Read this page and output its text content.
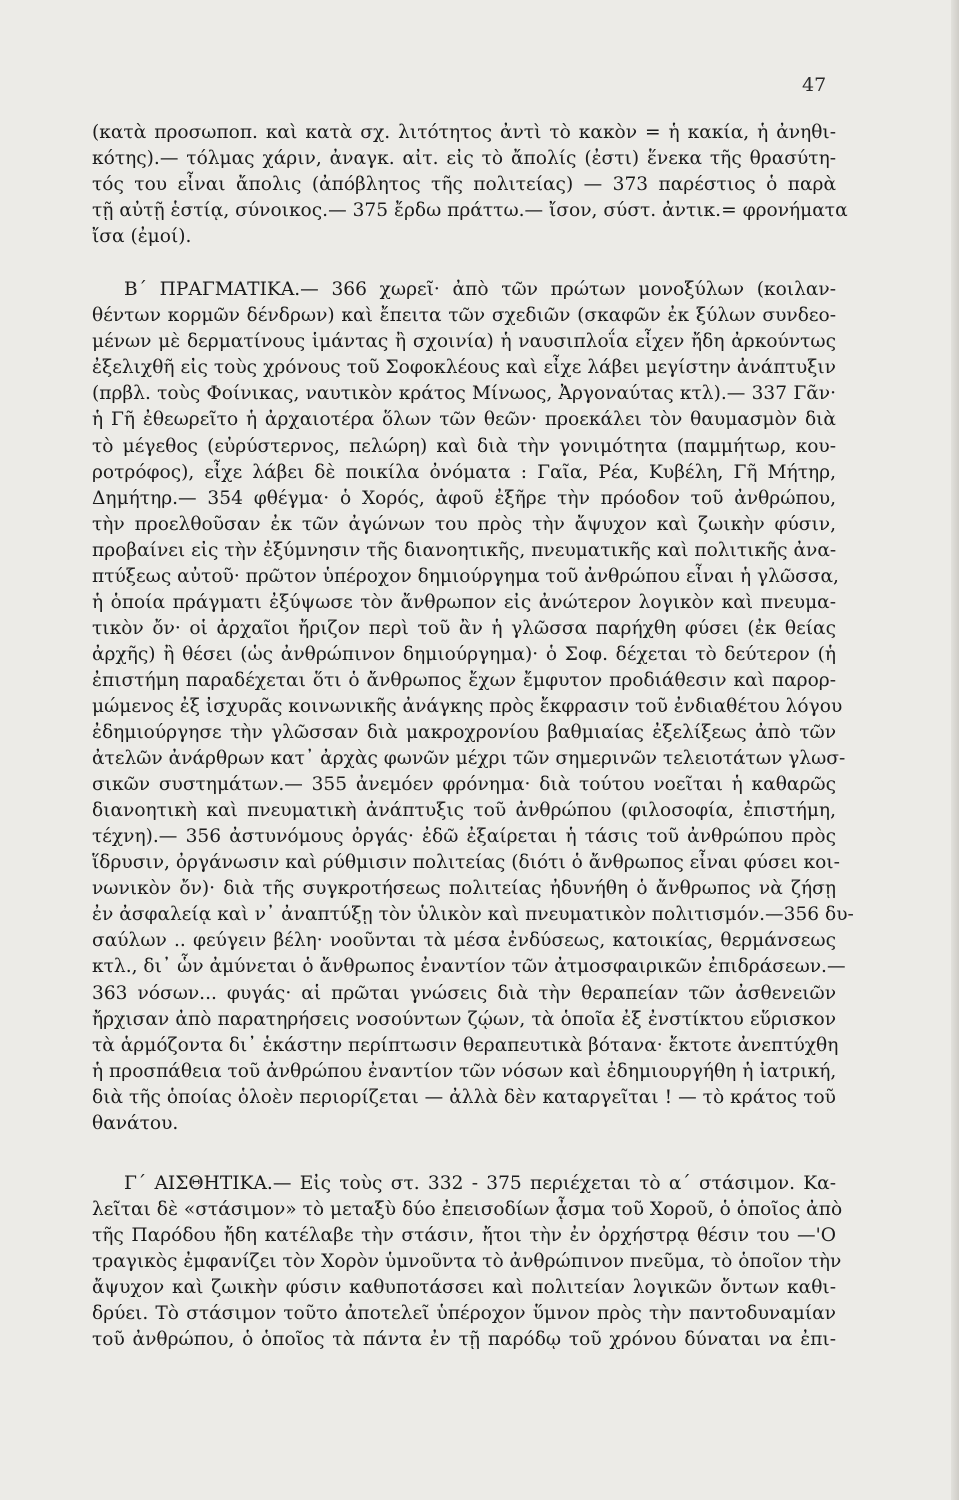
47
(κατὰ προσωποπ. καὶ κατὰ σχ. λιτότητος ἀντὶ τὸ κακὸν = ἡ κακία, ἡ ἀνηθι-
κότης).— τόλμας χάριν, ἀναγκ. αἰτ. εἰς τὸ ἄπολίς (ἐστι) ἕνεκα τῆς θρασύτη-
τός του εἶναι ἄπολις (ἀπόβλητος τῆς πολιτείας) — 373 παρέστιος ὁ παρὰ
τῇ αὐτῇ ἑστίᾳ, σύνοικος.— 375 ἔρδω πράττω.— ἴσον, σύστ. ἀντικ.= φρονήματα
ἴσα (ἐμοί).
Β΄ ΠΡΑΓΜΑΤΙΚΑ.— 366 χωρεῖ· ἀπὸ τῶν πρώτων μονοξύλων (κοιλαν-
θέντων κορμῶν δένδρων) καὶ ἔπειτα τῶν σχεδιῶν (σκαφῶν ἐκ ξύλων συνδεο-
μένων μὲ δερματίνους ἱμάντας ἢ σχοινία) ἡ ναυσιπλοΐα εἶχεν ἤδη ἀρκούντως
ἐξελιχθῆ εἰς τοὺς χρόνους τοῦ Σοφοκλέους καὶ εἶχε λάβει μεγίστην ἀνάπτυξιν
(πρβλ. τοὺς Φοίνικας, ναυτικὸν κράτος Μίνωος, Ἀργοναύτας κτλ).— 337 Γᾶν·
ἡ Γῆ ἐθεωρεῖτο ἡ ἀρχαιοτέρα ὅλων τῶν θεῶν· προεκάλει τὸν θαυμασμὸν διὰ
τὸ μέγεθος (εὐρύστερνος, πελώρη) καὶ διὰ τὴν γονιμότητα (παμμήτωρ, κου-
ροτρόφος), εἶχε λάβει δὲ ποικίλα ὀνόματα : Γαῖα, Ρέα, Κυβέλη, Γῆ Μήτηρ,
Δημήτηρ.— 354 φθέγμα· ὁ Χορός, ἀφοῦ ἐξῆρε τὴν πρόοδον τοῦ ἀνθρώπου,
τὴν προελθοῦσαν ἐκ τῶν ἀγώνων του πρὸς τὴν ἄψυχον καὶ ζωικὴν φύσιν,
προβαίνει εἰς τὴν ἐξύμνησιν τῆς διανοητικῆς, πνευματικῆς καὶ πολιτικῆς ἀνα-
πτύξεως αὐτοῦ· πρῶτον ὑπέροχον δημιούργημα τοῦ ἀνθρώπου εἶναι ἡ γλῶσσα,
ἡ ὁποία πράγματι ἐξύψωσε τὸν ἄνθρωπον εἰς ἀνώτερον λογικὸν καὶ πνευμα-
τικὸν ὄν· οἱ ἀρχαῖοι ἤριζον περὶ τοῦ ἂν ἡ γλῶσσα παρήχθη φύσει (ἐκ θείας
ἀρχῆς) ἢ θέσει (ὡς ἀνθρώπινον δημιούργημα)· ὁ Σοφ. δέχεται τὸ δεύτερον (ἡ
ἐπιστήμη παραδέχεται ὅτι ὁ ἄνθρωπος ἔχων ἔμφυτον προδιάθεσιν καὶ παρορ-
μώμενος ἐξ ἰσχυρᾶς κοινωνικῆς ἀνάγκης πρὸς ἔκφρασιν τοῦ ἐνδιαθέτου λόγου
ἐδημιούργησε τὴν γλῶσσαν διὰ μακροχρονίου βαθμιαίας ἐξελίξεως ἀπὸ τῶν
ἀτελῶν ἀνάρθρων κατ᾽ ἀρχὰς φωνῶν μέχρι τῶν σημερινῶν τελειοτάτων γλωσ-
σικῶν συστημάτων.— 355 ἀνεμόεν φρόνημα· διὰ τούτου νοεῖται ἡ καθαρῶς
διανοητικὴ καὶ πνευματικὴ ἀνάπτυξις τοῦ ἀνθρώπου (φιλοσοφία, ἐπιστήμη,
τέχνη).— 356 ἀστυνόμους ὀργάς· ἐδῶ ἐξαίρεται ἡ τάσις τοῦ ἀνθρώπου πρὸς
ἵδρυσιν, ὀργάνωσιν καὶ ρύθμισιν πολιτείας (διότι ὁ ἄνθρωπος εἶναι φύσει κοι-
νωνικὸν ὄν)· διὰ τῆς συγκροτήσεως πολιτείας ἠδυνήθη ὁ ἄνθρωπος νὰ ζήσῃ
ἐν ἀσφαλείᾳ καὶ ν᾽ ἀναπτύξῃ τὸν ὑλικὸν καὶ πνευματικὸν πολιτισμόν.—356 δυ-
σαύλων .. φεύγειν βέλη· νοοῦνται τὰ μέσα ἐνδύσεως, κατοικίας, θερμάνσεως
κτλ., δι᾽ ὧν ἀμύνεται ὁ ἄνθρωπος ἐναντίον τῶν ἀτμοσφαιρικῶν ἐπιδράσεων.—
363 νόσων... φυγάς· αἱ πρῶται γνώσεις διὰ τὴν θεραπείαν τῶν ἀσθενειῶν
ἤρχισαν ἀπὸ παρατηρήσεις νοσούντων ζῴων, τὰ ὁποῖα ἐξ ἐνστίκτου εὕρισκον
τὰ ἁρμόζοντα δι᾽ ἑκάστην περίπτωσιν θεραπευτικὰ βότανα· ἔκτοτε ἀνεπτύχθη
ἡ προσπάθεια τοῦ ἀνθρώπου ἐναντίον τῶν νόσων καὶ ἐδημιουργήθη ἡ ἰατρική,
διὰ τῆς ὁποίας ὁλοὲν περιορίζεται — ἀλλὰ δὲν καταργεῖται ! — τὸ κράτος τοῦ
θανάτου.
Γ΄ ΑΙΣΘΗΤΙΚΑ.— Εἰς τοὺς στ. 332 - 375 περιέχεται τὸ α΄ στάσιμον. Κα-
λεῖται δὲ «στάσιμον» τὸ μεταξὺ δύο ἐπεισοδίων ᾆσμα τοῦ Χοροῦ, ὁ ὁποῖος ἀπὸ
τῆς Παρόδου ἤδη κατέλαβε τὴν στάσιν, ἤτοι τὴν ἐν ὀρχήστρᾳ θέσιν του —'Ο
τραγικὸς ἐμφανίζει τὸν Χορὸν ὑμνοῦντα τὸ ἀνθρώπινον πνεῦμα, τὸ ὁποῖον τὴν
ἄψυχον καὶ ζωικὴν φύσιν καθυποτάσσει καὶ πολιτείαν λογικῶν ὄντων καθι-
δρύει. Τὸ στάσιμον τοῦτο ἀποτελεῖ ὑπέροχον ὕμνον πρὸς τὴν παντοδυναμίαν
τοῦ ἀνθρώπου, ὁ ὁποῖος τὰ πάντα ἐν τῇ παρόδῳ τοῦ χρόνου δύναται να ἐπι-
